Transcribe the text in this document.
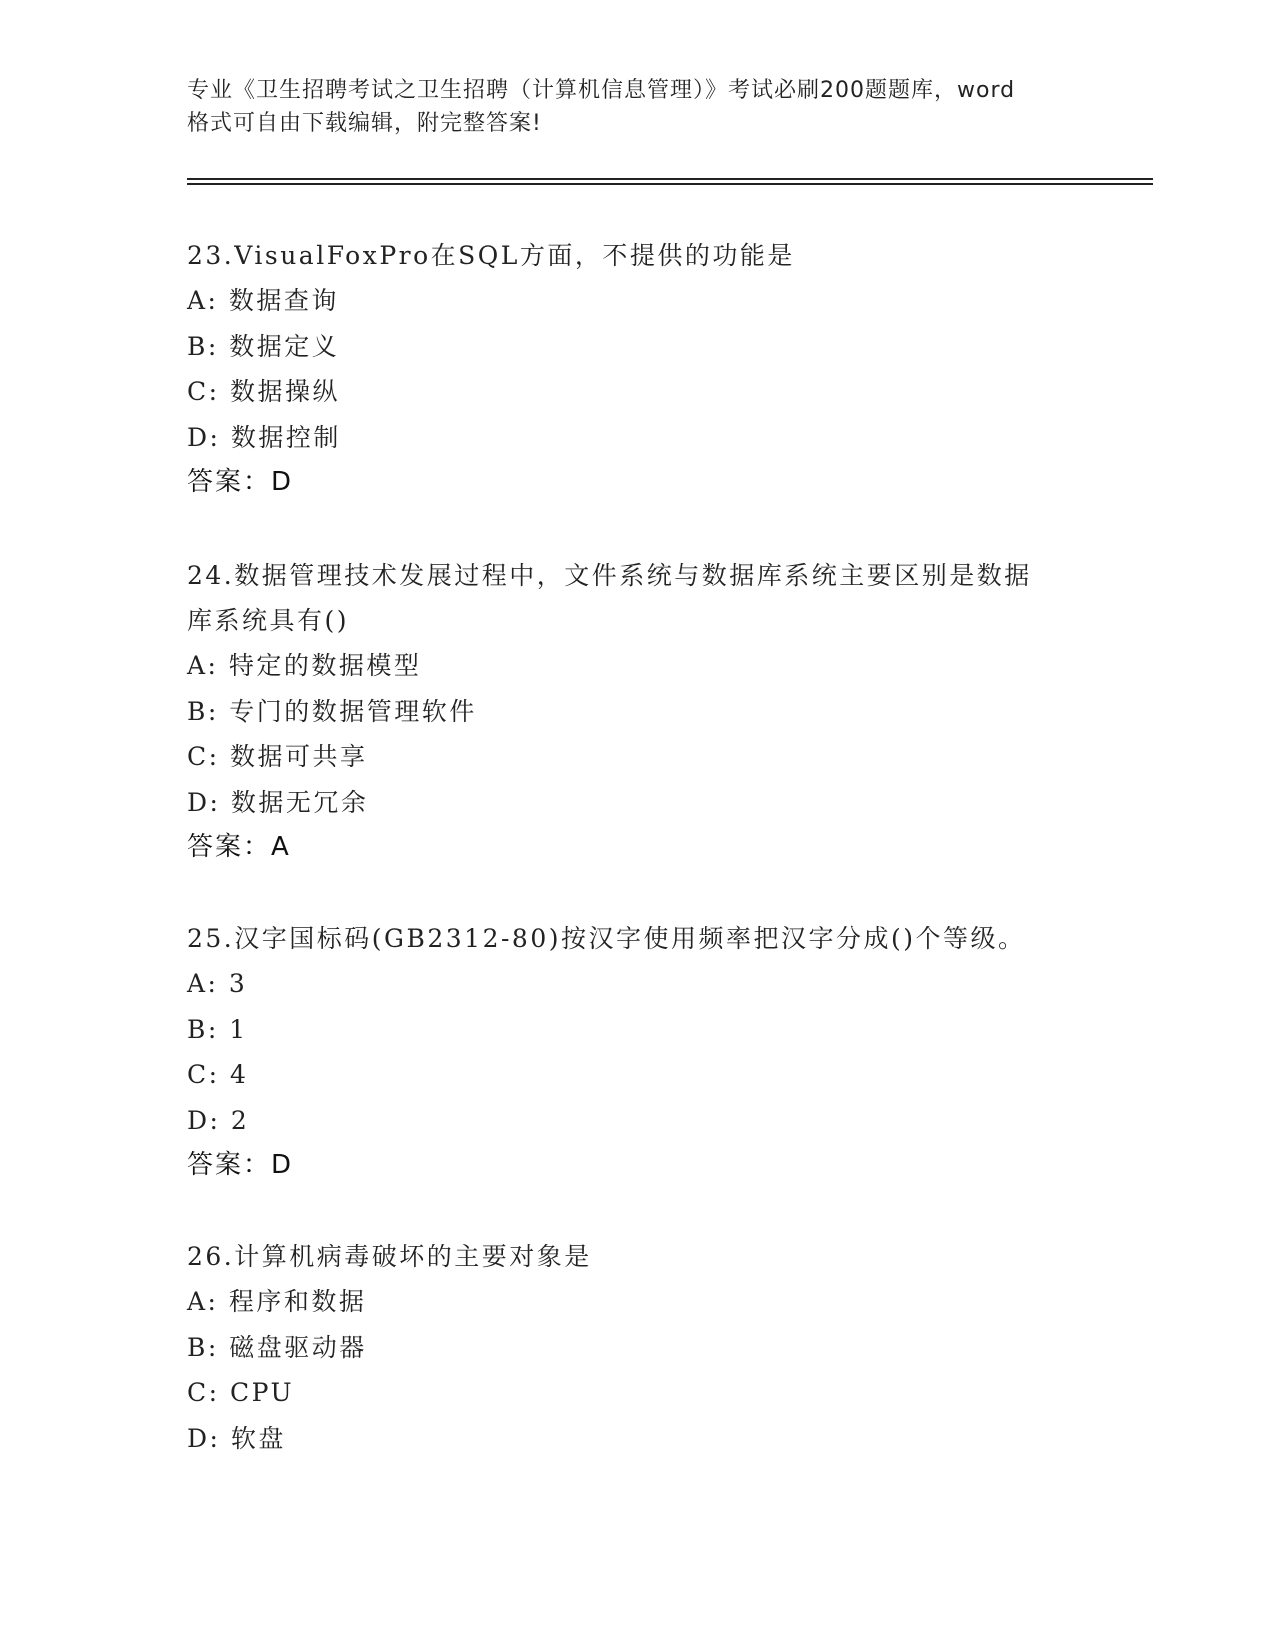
专业《卫生招聘考试之卫生招聘（计算机信息管理）》考试必刷200题题库，word
格式可自由下载编辑，附完整答案!
23.VisualFoxPro在SQL方面，不提供的功能是
A: 数据查询
B: 数据定义
C: 数据操纵
D: 数据控制
答案：D
24.数据管理技术发展过程中，文件系统与数据库系统主要区别是数据库系统具有()
A: 特定的数据模型
B: 专门的数据管理软件
C: 数据可共享
D: 数据无冗余
答案：A
25.汉字国标码(GB2312-80)按汉字使用频率把汉字分成()个等级。
A: 3
B: 1
C: 4
D: 2
答案：D
26.计算机病毒破坏的主要对象是
A: 程序和数据
B: 磁盘驱动器
C: CPU
D: 软盘
